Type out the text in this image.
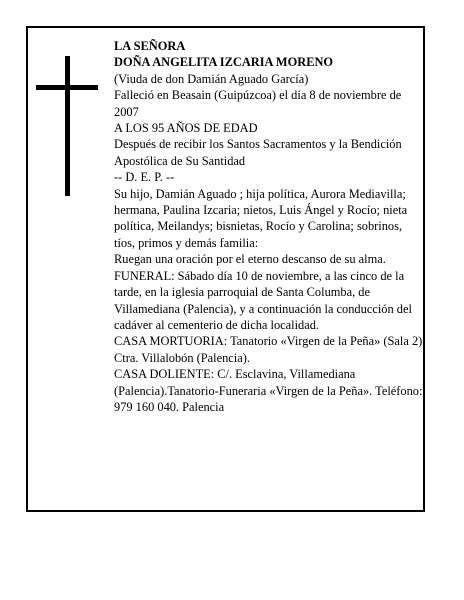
LA SEÑORA

DOÑA ANGELITA IZCARIA MORENO

(Viuda de don Damián Aguado García)

Falleció en Beasain (Guipúzcoa) el día 8 de noviembre de 2007

A LOS 95 AÑOS DE EDAD

Después de recibir los Santos Sacramentos y la Bendición Apostólica de Su Santidad

-- D. E. P. --

Su hijo, Damián Aguado ; hija política, Aurora Mediavilla; hermana, Paulina Izcaria; nietos, Luis Ángel y Rocío; nieta política, Meilandys; bisnietas, Rocío y Carolina; sobrinos, tíos, primos y demás familia:

Ruegan una oración por el eterno descanso de su alma.

FUNERAL: Sábado día 10 de noviembre, a las cinco de la tarde, en la iglesia parroquial de Santa Columba, de Villamediana (Palencia), y a continuación la conducción del cadáver al cementerio de dicha localidad.

CASA MORTUORIA: Tanatorio «Virgen de la Peña» (Sala 2). Ctra. Villalobón (Palencia).

CASA DOLIENTE: C/. Esclavina, Villamediana (Palencia).Tanatorio-Funeraria «Virgen de la Peña». Teléfono: 979 160 040. Palencia
